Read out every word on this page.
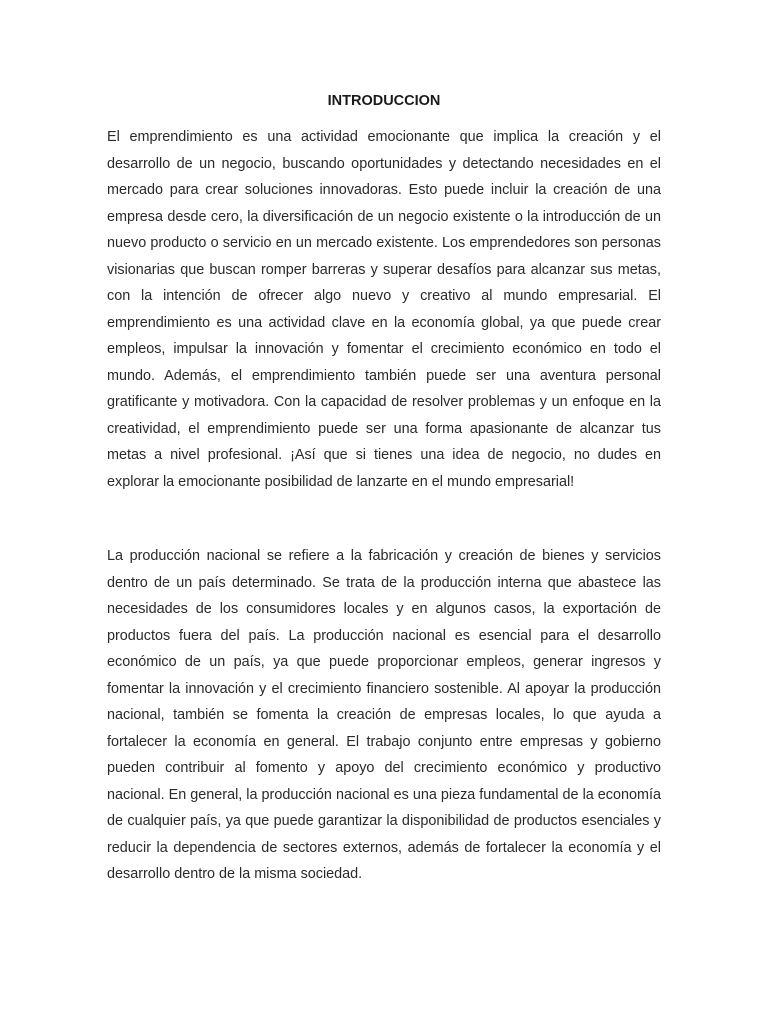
INTRODUCCION

El emprendimiento es una actividad emocionante que implica la creación y el desarrollo de un negocio, buscando oportunidades y detectando necesidades en el mercado para crear soluciones innovadoras. Esto puede incluir la creación de una empresa desde cero, la diversificación de un negocio existente o la introducción de un nuevo producto o servicio en un mercado existente. Los emprendedores son personas visionarias que buscan romper barreras y superar desafíos para alcanzar sus metas, con la intención de ofrecer algo nuevo y creativo al mundo empresarial. El emprendimiento es una actividad clave en la economía global, ya que puede crear empleos, impulsar la innovación y fomentar el crecimiento económico en todo el mundo. Además, el emprendimiento también puede ser una aventura personal gratificante y motivadora. Con la capacidad de resolver problemas y un enfoque en la creatividad, el emprendimiento puede ser una forma apasionante de alcanzar tus metas a nivel profesional. ¡Así que si tienes una idea de negocio, no dudes en explorar la emocionante posibilidad de lanzarte en el mundo empresarial!

La producción nacional se refiere a la fabricación y creación de bienes y servicios dentro de un país determinado. Se trata de la producción interna que abastece las necesidades de los consumidores locales y en algunos casos, la exportación de productos fuera del país. La producción nacional es esencial para el desarrollo económico de un país, ya que puede proporcionar empleos, generar ingresos y fomentar la innovación y el crecimiento financiero sostenible. Al apoyar la producción nacional, también se fomenta la creación de empresas locales, lo que ayuda a fortalecer la economía en general. El trabajo conjunto entre empresas y gobierno pueden contribuir al fomento y apoyo del crecimiento económico y productivo nacional. En general, la producción nacional es una pieza fundamental de la economía de cualquier país, ya que puede garantizar la disponibilidad de productos esenciales y reducir la dependencia de sectores externos, además de fortalecer la economía y el desarrollo dentro de la misma sociedad.
